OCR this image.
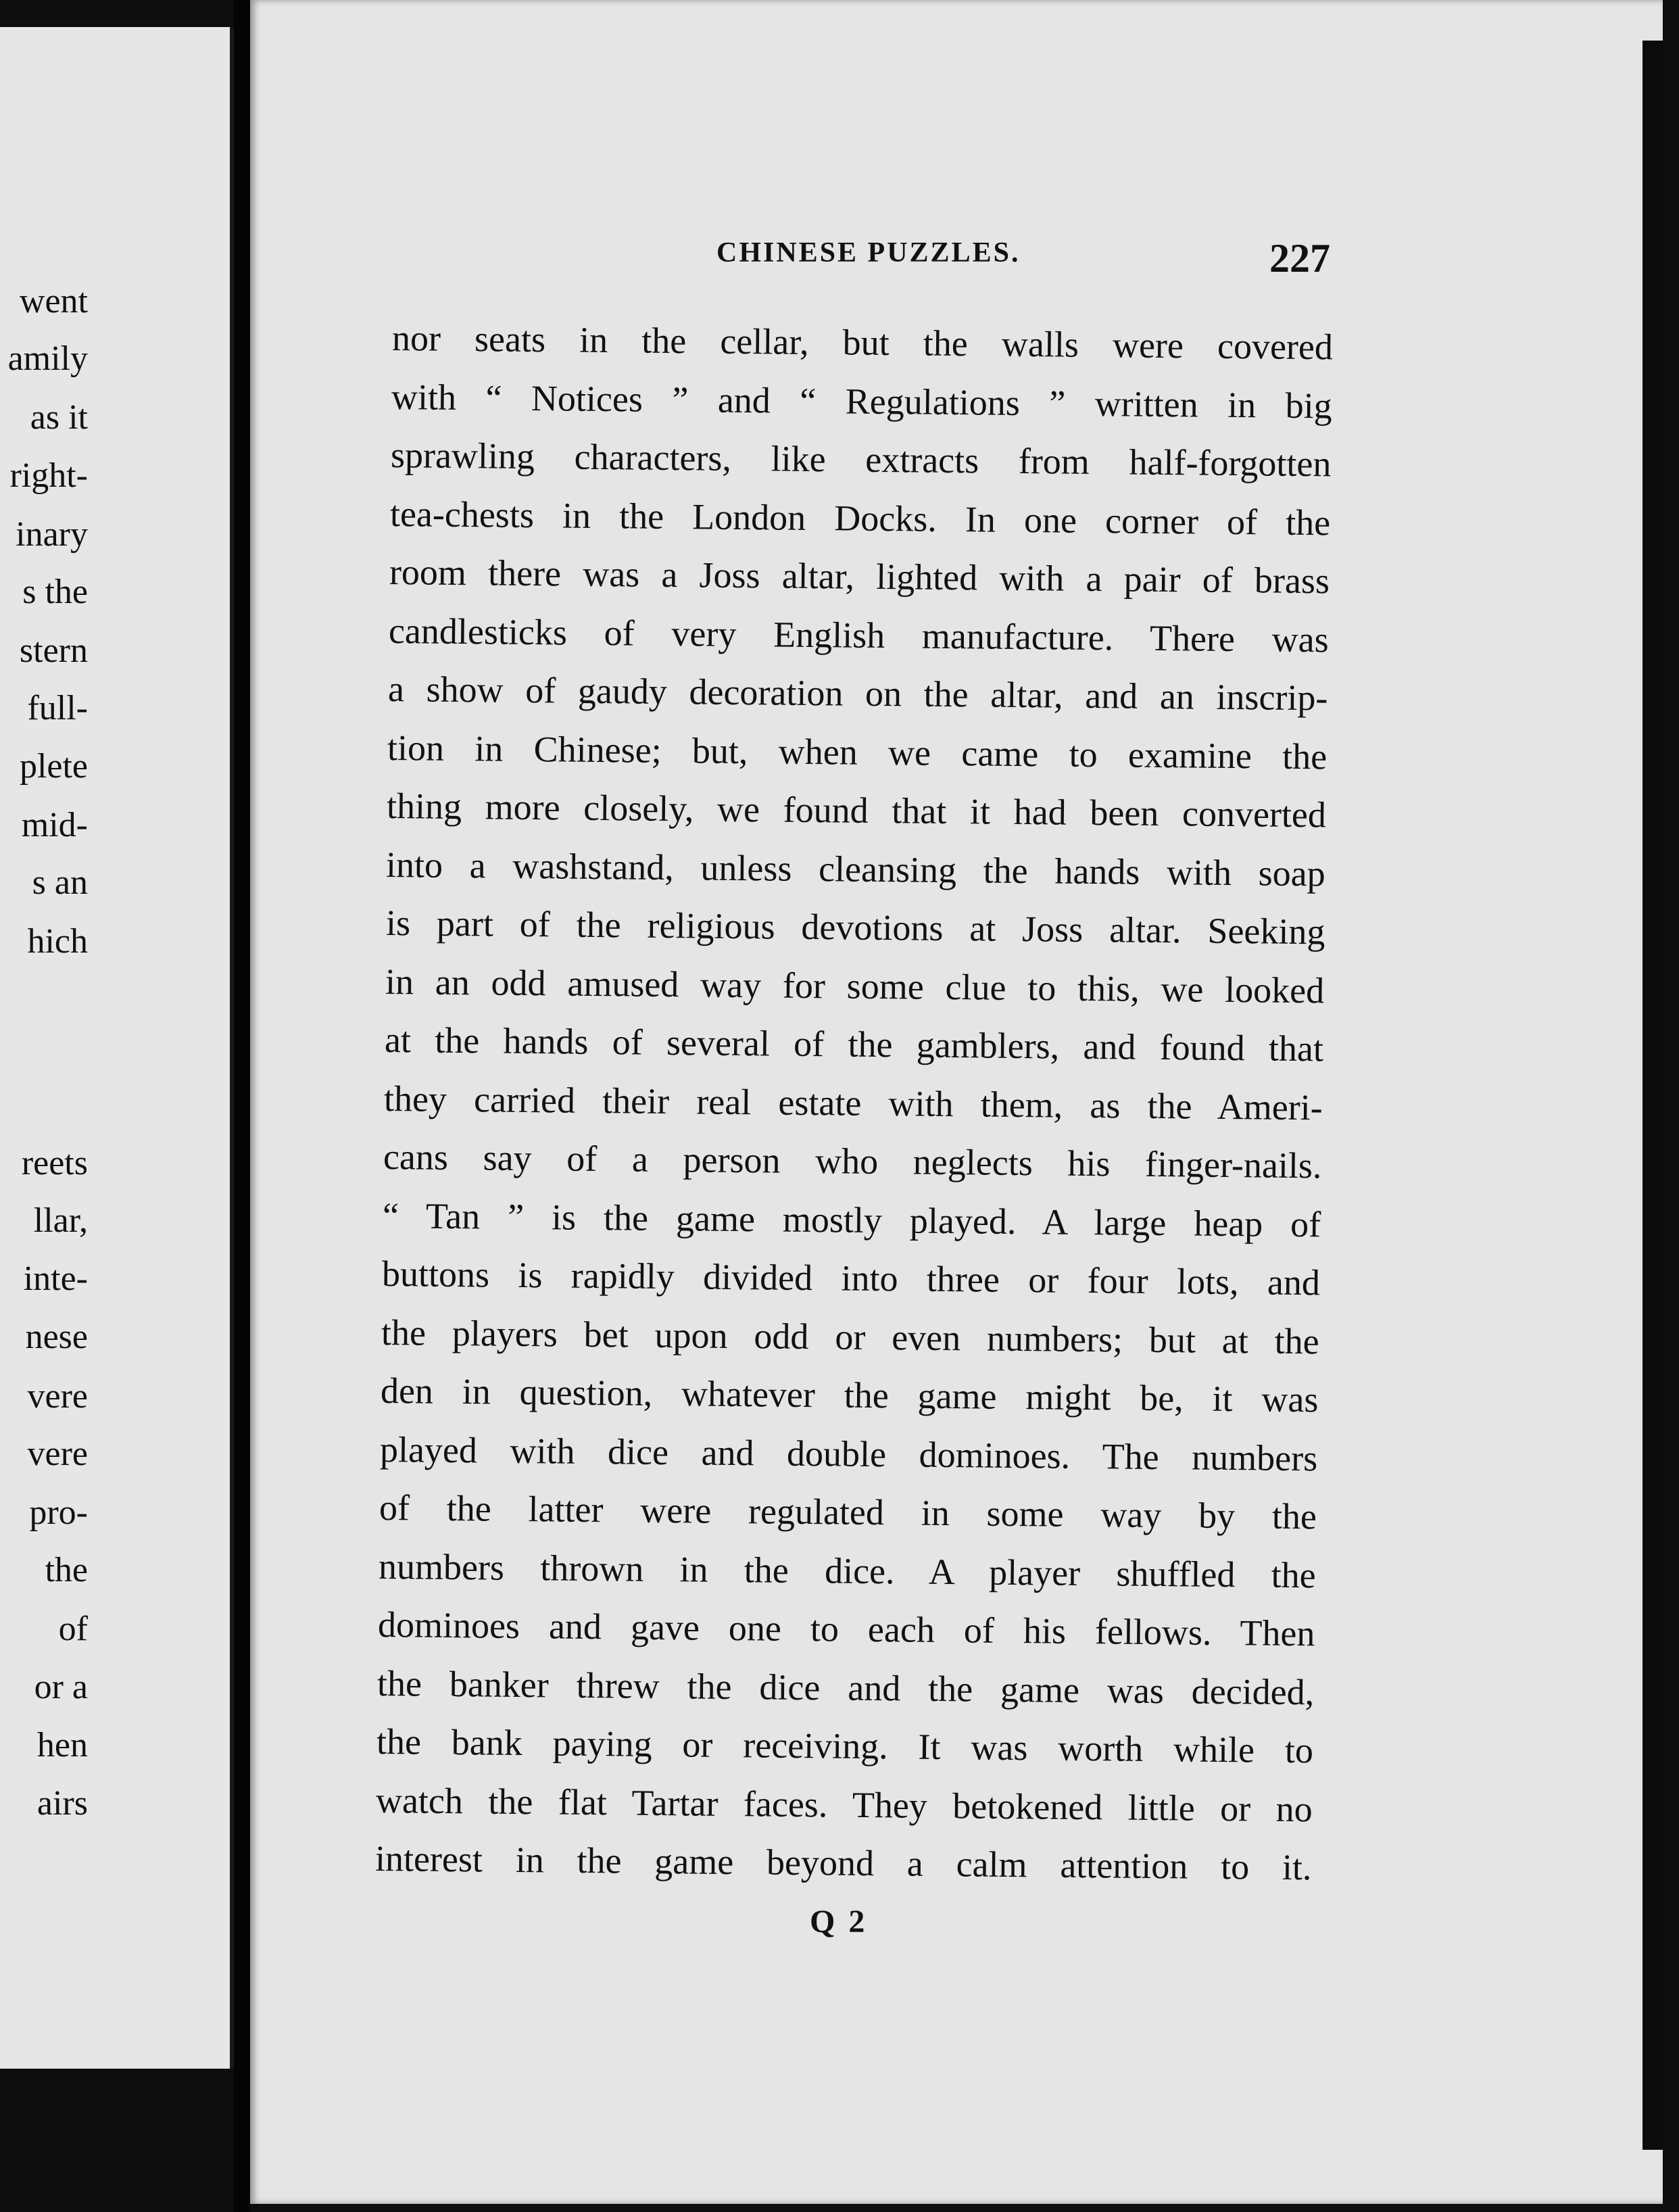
CHINESE PUZZLES.	227
went
amily
as it
right-
inary
s the
stern
full-
plete
mid-
s an
hich
reets
llar,
inte-
nese
vere
vere
pro-
the
of
or a
hen
airs
nor seats in the cellar, but the walls were covered
with “ Notices ” and “ Regulations ” written in big
sprawling characters, like extracts from half-forgotten
tea-chests in the London Docks. In one corner of the
room there was a Joss altar, lighted with a pair of brass
candlesticks of very English manufacture. There was
a show of gaudy decoration on the altar, and an inscrip-
tion in Chinese; but, when we came to examine the
thing more closely, we found that it had been converted
into a washstand, unless cleansing the hands with soap
is part of the religious devotions at Joss altar. Seeking
in an odd amused way for some clue to this, we looked
at the hands of several of the gamblers, and found that
they carried their real estate with them, as the Ameri-
cans say of a person who neglects his finger-nails.
“ Tan ” is the game mostly played. A large heap of
buttons is rapidly divided into three or four lots, and
the players bet upon odd or even numbers; but at the
den in question, whatever the game might be, it was
played with dice and double dominoes. The numbers
of the latter were regulated in some way by the
numbers thrown in the dice. A player shuffled the
dominoes and gave one to each of his fellows. Then
the banker threw the dice and the game was decided,
the bank paying or receiving. It was worth while to
watch the flat Tartar faces. They betokened little or no
interest in the game beyond a calm attention to it.
Q 2
